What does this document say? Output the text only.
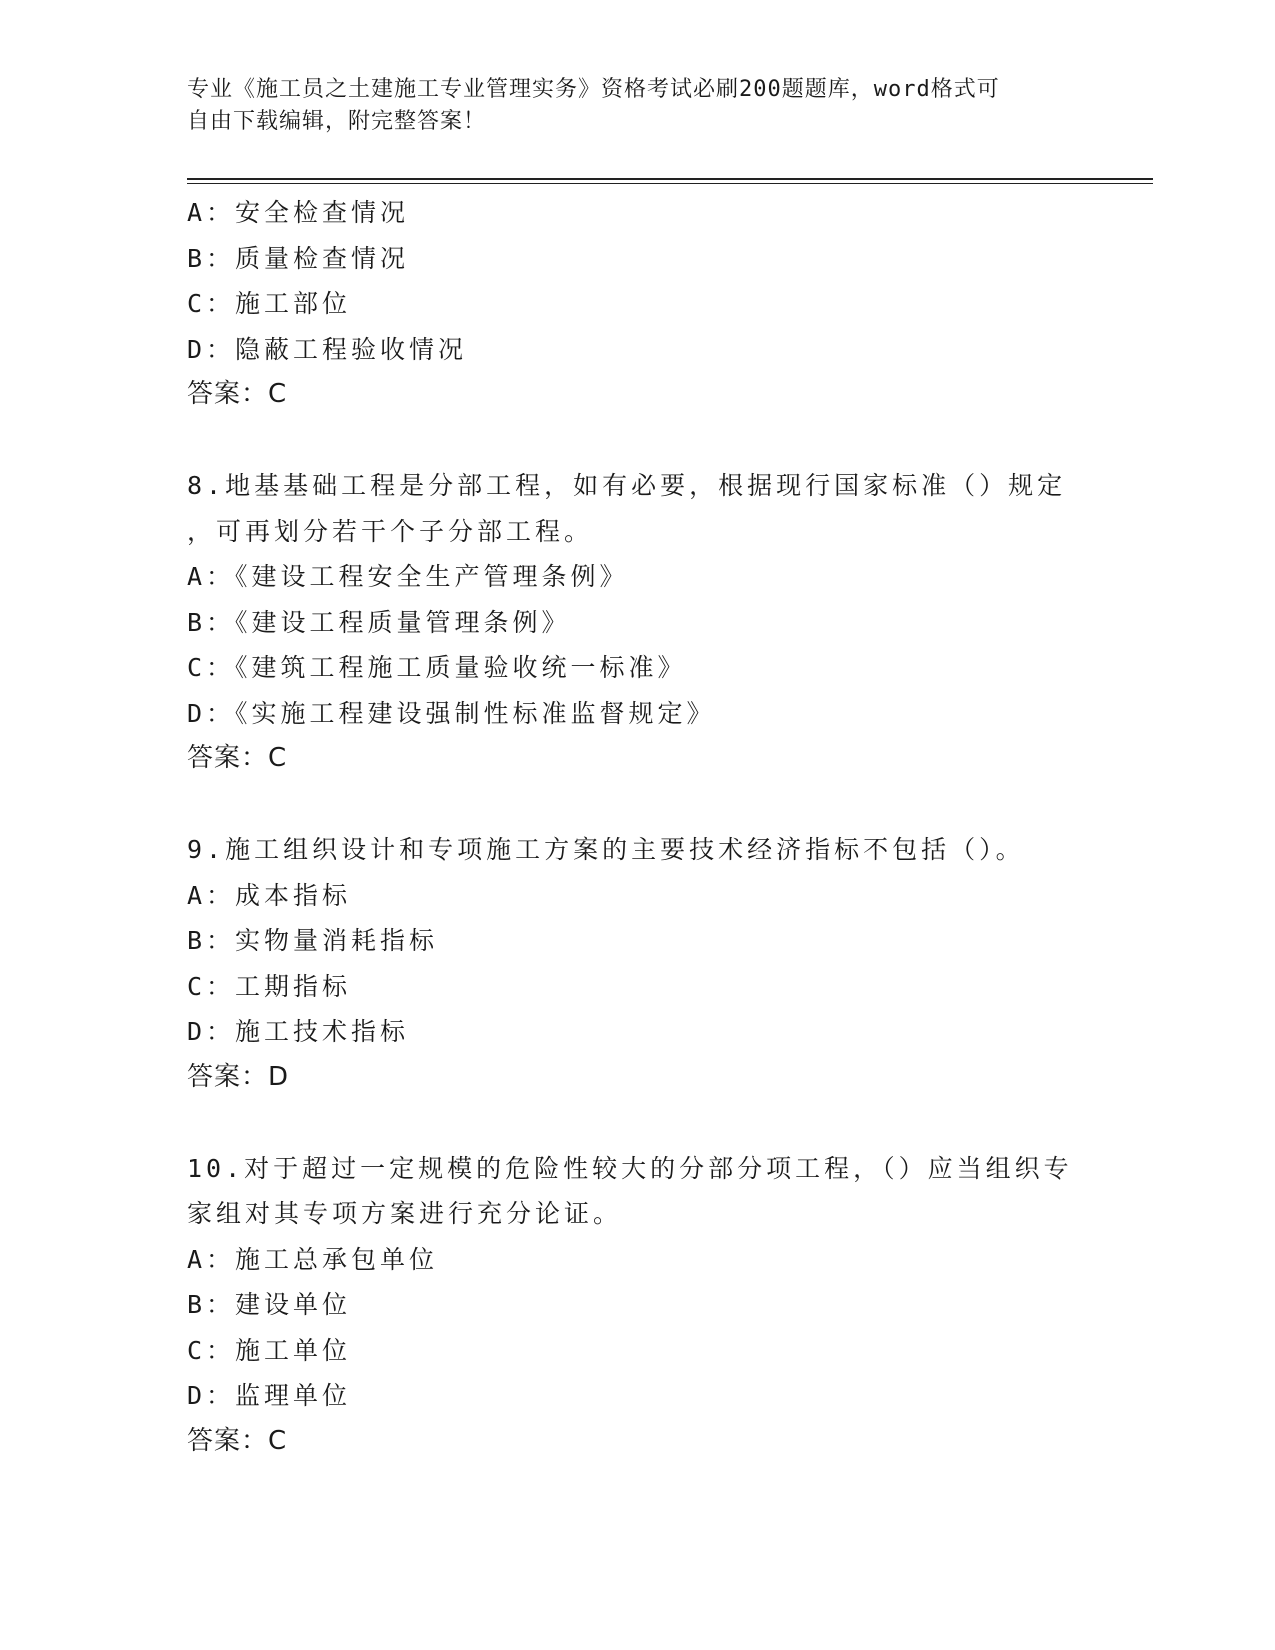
专业《施工员之土建施工专业管理实务》资格考试必刷200题题库，word格式可
自由下载编辑，附完整答案！
A：安全检查情况
B：质量检查情况
C：施工部位
D：隐蔽工程验收情况
答案：C
8.地基基础工程是分部工程，如有必要，根据现行国家标准（）规定
，可再划分若干个子分部工程。
A：《建设工程安全生产管理条例》
B：《建设工程质量管理条例》
C：《建筑工程施工质量验收统一标准》
D：《实施工程建设强制性标准监督规定》
答案：C
9.施工组织设计和专项施工方案的主要技术经济指标不包括（）。
A：成本指标
B：实物量消耗指标
C：工期指标
D：施工技术指标
答案：D
10.对于超过一定规模的危险性较大的分部分项工程，（）应当组织专
家组对其专项方案进行充分论证。
A：施工总承包单位
B：建设单位
C：施工单位
D：监理单位
答案：C
